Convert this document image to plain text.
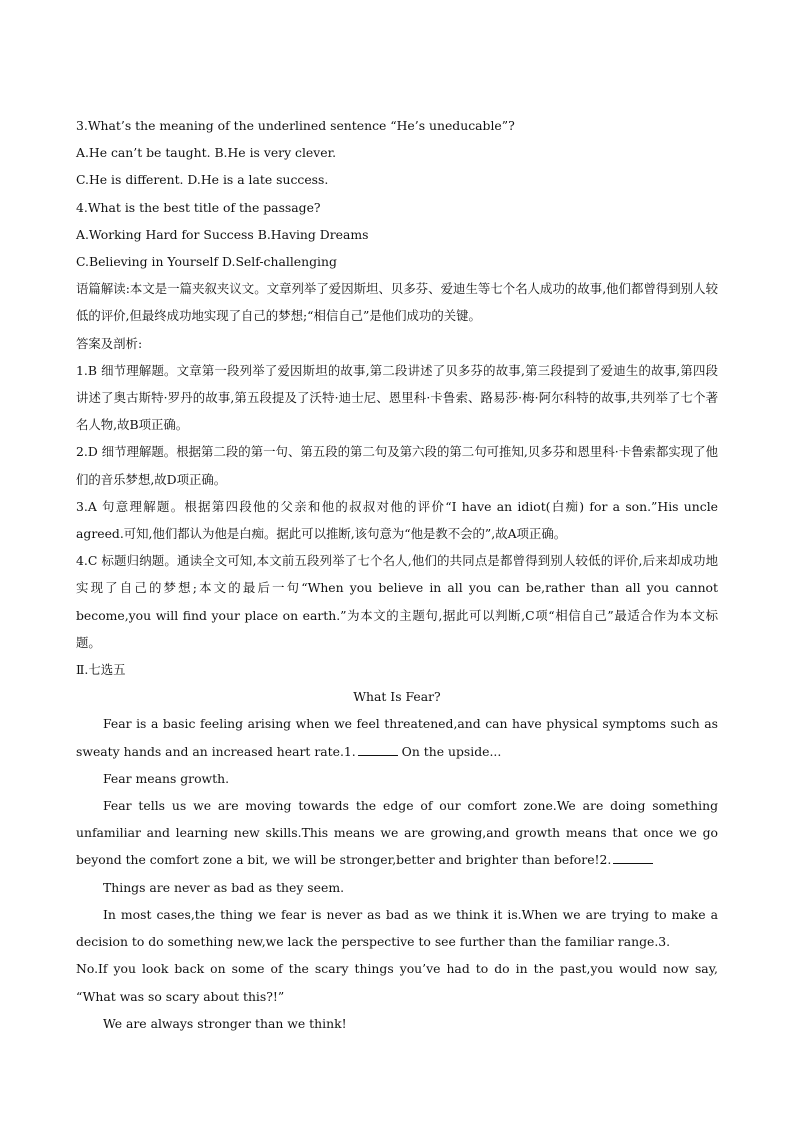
3.What’s the meaning of the underlined sentence “He’s uneducable”?
A.He can’t be taught. B.He is very clever.
C.He is different. D.He is a late success.
4.What is the best title of the passage?
A.Working Hard for Success B.Having Dreams
C.Believing in Yourself D.Self-challenging
语篇解读:本文是一篇夹叙夹议文。文章列举了爱因斯坦、贝多芬、爱迪生等七个名人成功的故事,他们都曾得到别人较低的评价,但最终成功地实现了自己的梦想;“相信自己”是他们成功的关键。
答案及剖析:
1.B 细节理解题。文章第一段列举了爱因斯坦的故事,第二段讲述了贝多芬的故事,第三段提到了爱迪生的故事,第四段讲述了奥古斯特·罗丹的故事,第五段提及了沃特·迪士尼、恩里科·卡鲁索、路易莎·梅·阿尔科特的故事,共列举了七个著名人物,故B项正确。
2.D 细节理解题。根据第二段的第一句、第五段的第二句及第六段的第二句可推知,贝多芬和恩里科·卡鲁索都实现了他们的音乐梦想,故D项正确。
3.A 句意理解题。根据第四段他的父亲和他的叔叔对他的评价“I have an idiot(白痴) for a son.”His uncle agreed.可知,他们都认为他是白痴。据此可以推断,该句意为“他是教不会的”,故A项正确。
4.C 标题归纳题。通读全文可知,本文前五段列举了七个名人,他们的共同点是都曾得到别人较低的评价,后来却成功地实现了自己的梦想;本文的最后一句“When you believe in all you can be,rather than all you cannot become,you will find your place on earth.”为本文的主题句,据此可以判断,C项“相信自己”最适合作为本文标题。
Ⅱ.七选五
What Is Fear?
Fear is a basic feeling arising when we feel threatened,and can have physical symptoms such as sweaty hands and an increased heart rate.1.	On the upside...
Fear means growth.
Fear tells us we are moving towards the edge of our comfort zone.We are doing something unfamiliar and learning new skills.This means we are growing,and growth means that once we go beyond the comfort zone a bit, we will be stronger,better and brighter than before!2.
Things are never as bad as they seem.
In most cases,the thing we fear is never as bad as we think it is.When we are trying to make a decision to do something new,we lack the perspective to see further than the familiar range.3.
No.If you look back on some of the scary things you’ve had to do in the past,you would now say, “What was so scary about this?!”
We are always stronger than we think!
